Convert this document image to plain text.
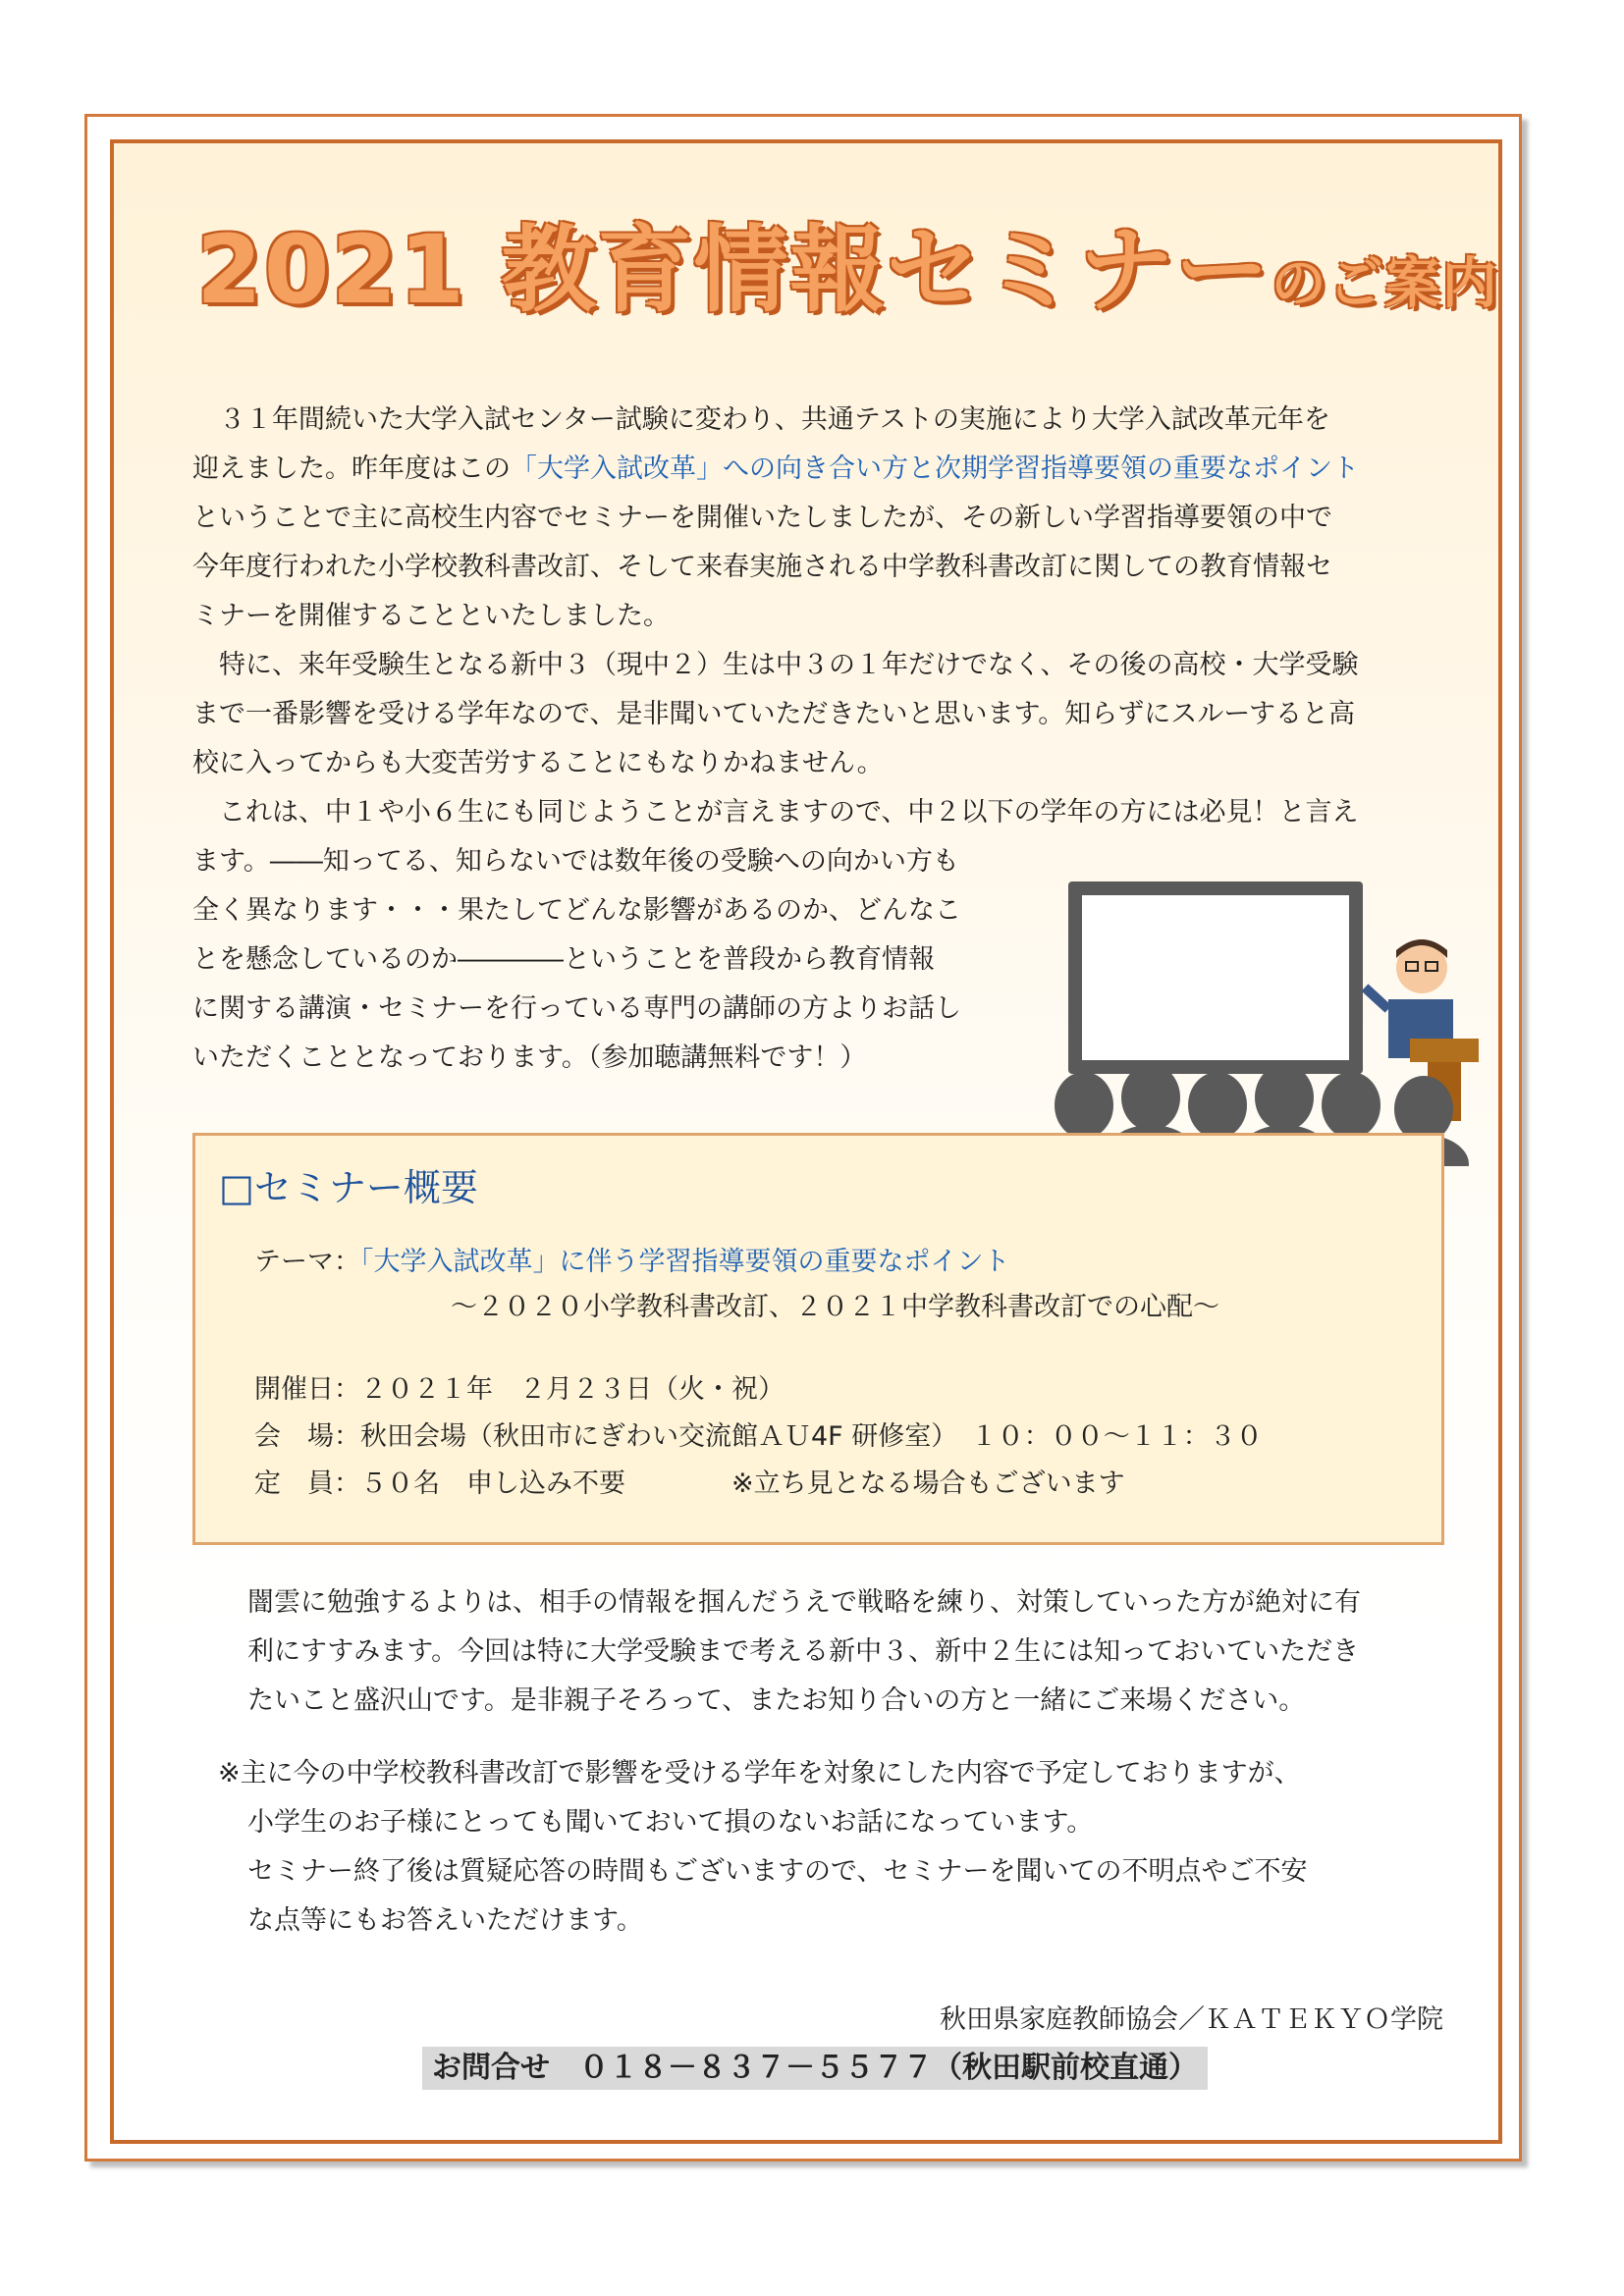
2021 教育情報セミナーのご案内
　３１年間続いた大学入試センター試験に変わり、共通テストの実施により大学入試改革元年を
迎えました。昨年度はこの「大学入試改革」への向き合い方と次期学習指導要領の重要なポイント
ということで主に高校生内容でセミナーを開催いたしましたが、その新しい学習指導要領の中で
今年度行われた小学校教科書改訂、そして来春実施される中学教科書改訂に関しての教育情報セ
ミナーを開催することといたしました。
　特に、来年受験生となる新中３（現中２）生は中３の１年だけでなく、その後の高校・大学受験
まで一番影響を受ける学年なので、是非聞いていただきたいと思います。知らずにスルーすると高
校に入ってからも大変苦労することにもなりかねません。
　これは、中１や小６生にも同じようことが言えますので、中２以下の学年の方には必見！と言え
ます。――知ってる、知らないでは数年後の受験への向かい方も
全く異なります・・・果たしてどんな影響があるのか、どんなこ
とを懸念しているのか――――ということを普段から教育情報
に関する講演・セミナーを行っている専門の講師の方よりお話し
いただくこととなっております。（参加聴講無料です！）
□セミナー概要
テーマ：「大学入試改革」に伴う学習指導要領の重要なポイント
～２０２０小学教科書改訂、２０２１中学教科書改訂での心配～
開催日：２０２１年　２月２３日（火・祝）
会　場：秋田会場（秋田市にぎわい交流館ＡＵ4F 研修室）　１０：００～１１：３０
定　員：５０名　申し込み不要　　　　※立ち見となる場合もございます
闇雲に勉強するよりは、相手の情報を掴んだうえで戦略を練り、対策していった方が絶対に有
利にすすみます。今回は特に大学受験まで考える新中３、新中２生には知っておいていただき
たいこと盛沢山です。是非親子そろって、またお知り合いの方と一緒にご来場ください。
※主に今の中学校教科書改訂で影響を受ける学年を対象にした内容で予定しておりますが、
小学生のお子様にとっても聞いておいて損のないお話になっています。
セミナー終了後は質疑応答の時間もございますので、セミナーを聞いての不明点やご不安
な点等にもお答えいただけます。
秋田県家庭教師協会／ＫＡＴＥＫＹＯ学院
お問合せ　０１８－８３７－５５７７（秋田駅前校直通）
